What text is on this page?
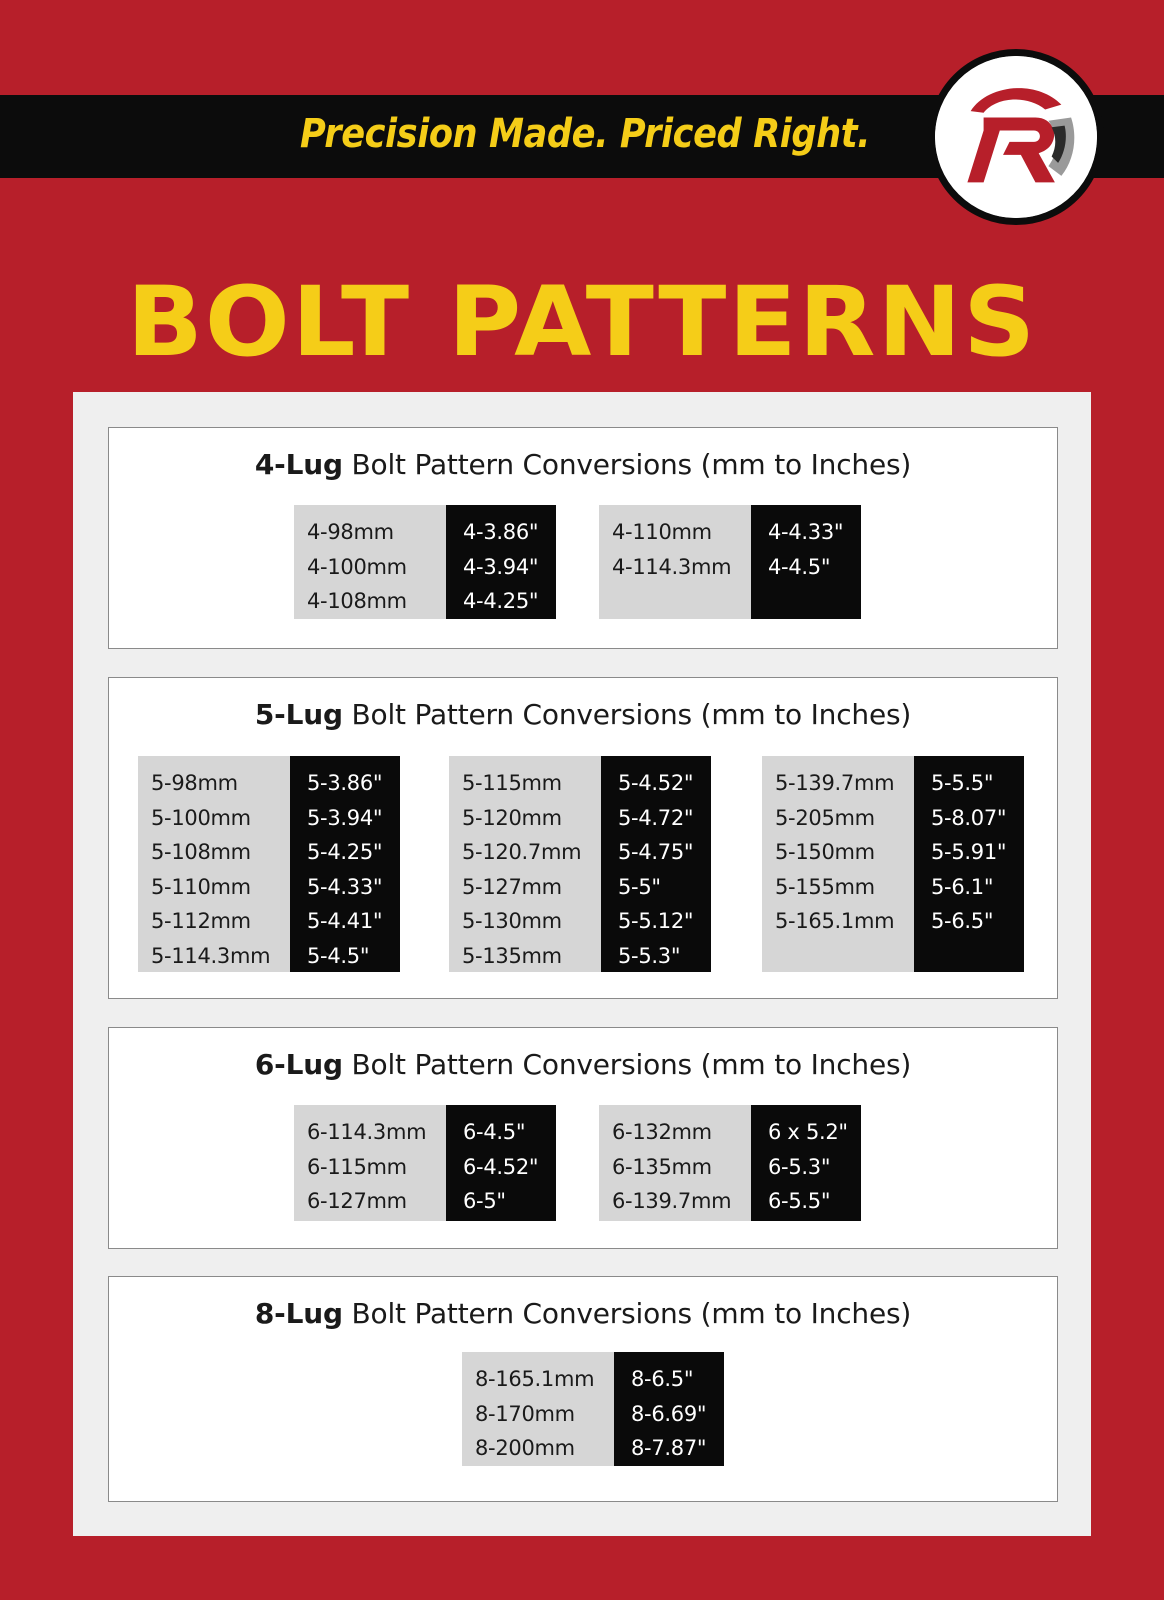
Precision Made. Priced Right.
BOLT PATTERNS
4-Lug Bolt Pattern Conversions (mm to Inches)
4-98mm
4-100mm
4-108mm
4-3.86"
4-3.94"
4-4.25"
4-110mm
4-114.3mm
4-4.33"
4-4.5"
5-Lug Bolt Pattern Conversions (mm to Inches)
5-98mm
5-100mm
5-108mm
5-110mm
5-112mm
5-114.3mm
5-3.86"
5-3.94"
5-4.25"
5-4.33"
5-4.41"
5-4.5"
5-115mm
5-120mm
5-120.7mm
5-127mm
5-130mm
5-135mm
5-4.52"
5-4.72"
5-4.75"
5-5"
5-5.12"
5-5.3"
5-139.7mm
5-205mm
5-150mm
5-155mm
5-165.1mm
5-5.5"
5-8.07"
5-5.91"
5-6.1"
5-6.5"
6-Lug Bolt Pattern Conversions (mm to Inches)
6-114.3mm
6-115mm
6-127mm
6-4.5"
6-4.52"
6-5"
6-132mm
6-135mm
6-139.7mm
6 x 5.2"
6-5.3"
6-5.5"
8-Lug Bolt Pattern Conversions (mm to Inches)
8-165.1mm
8-170mm
8-200mm
8-6.5"
8-6.69"
8-7.87"
